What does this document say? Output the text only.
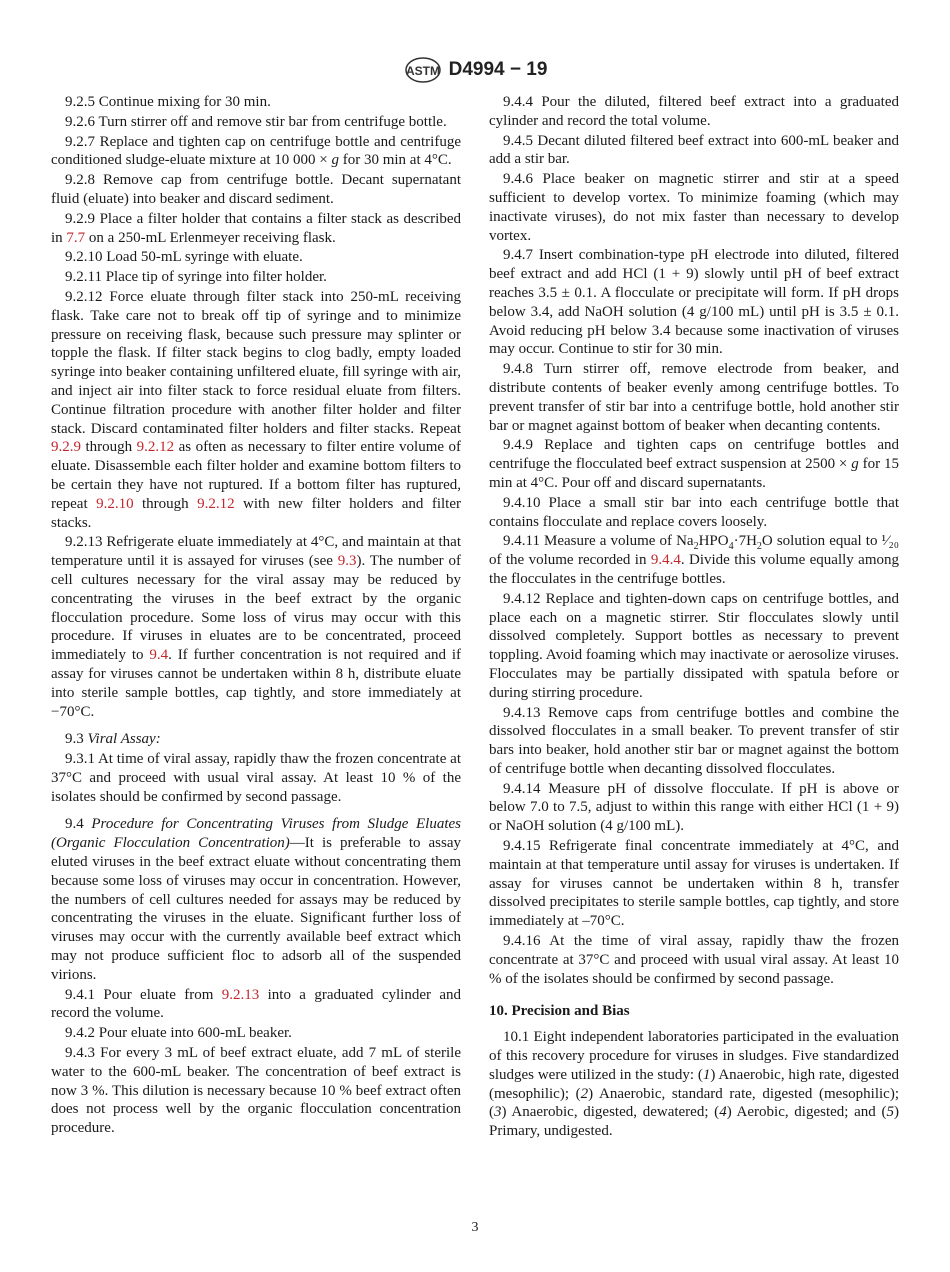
ASTM D4994 − 19

9.2.5 Continue mixing for 30 min.

9.2.6 Turn stirrer off and remove stir bar from centrifuge bottle.

9.2.7 Replace and tighten cap on centrifuge bottle and centrifuge conditioned sludge-eluate mixture at 10 000 × g for 30 min at 4°C.

9.2.8 Remove cap from centrifuge bottle. Decant supernatant fluid (eluate) into beaker and discard sediment.

9.2.9 Place a filter holder that contains a filter stack as described in 7.7 on a 250-mL Erlenmeyer receiving flask.

9.2.10 Load 50-mL syringe with eluate.

9.2.11 Place tip of syringe into filter holder.

9.2.12 Force eluate through filter stack into 250-mL receiving flask. Take care not to break off tip of syringe and to minimize pressure on receiving flask, because such pressure may splinter or topple the flask. If filter stack begins to clog badly, empty loaded syringe into beaker containing unfiltered eluate, fill syringe with air, and inject air into filter stack to force residual eluate from filters. Continue filtration procedure with another filter holder and filter stack. Discard contaminated filter holders and filter stacks. Repeat 9.2.9 through 9.2.12 as often as necessary to filter entire volume of eluate. Disassemble each filter holder and examine bottom filters to be certain they have not ruptured. If a bottom filter has ruptured, repeat 9.2.10 through 9.2.12 with new filter holders and filter stacks.

9.2.13 Refrigerate eluate immediately at 4°C, and maintain at that temperature until it is assayed for viruses (see 9.3). The number of cell cultures necessary for the viral assay may be reduced by concentrating the viruses in the beef extract by the organic flocculation procedure. Some loss of virus may occur with this procedure. If viruses in eluates are to be concentrated, proceed immediately to 9.4. If further concentration is not required and if assay for viruses cannot be undertaken within 8 h, distribute eluate into sterile sample bottles, cap tightly, and store immediately at −70°C.

9.3 Viral Assay:

9.3.1 At time of viral assay, rapidly thaw the frozen concentrate at 37°C and proceed with usual viral assay. At least 10 % of the isolates should be confirmed by second passage.

9.4 Procedure for Concentrating Viruses from Sludge Eluates (Organic Flocculation Concentration)—It is preferable to assay eluted viruses in the beef extract eluate without concentrating them because some loss of viruses may occur in concentration. However, the numbers of cell cultures needed for assays may be reduced by concentrating the viruses in the eluate. Significant further loss of viruses may occur with the currently available beef extract which may not produce sufficient floc to adsorb all of the suspended virions.

9.4.1 Pour eluate from 9.2.13 into a graduated cylinder and record the volume.

9.4.2 Pour eluate into 600-mL beaker.

9.4.3 For every 3 mL of beef extract eluate, add 7 mL of sterile water to the 600-mL beaker. The concentration of beef extract is now 3 %. This dilution is necessary because 10 % beef extract often does not process well by the organic flocculation concentration procedure.

9.4.4 Pour the diluted, filtered beef extract into a graduated cylinder and record the total volume.

9.4.5 Decant diluted filtered beef extract into 600-mL beaker and add a stir bar.

9.4.6 Place beaker on magnetic stirrer and stir at a speed sufficient to develop vortex. To minimize foaming (which may inactivate viruses), do not mix faster than necessary to develop vortex.

9.4.7 Insert combination-type pH electrode into diluted, filtered beef extract and add HCl (1 + 9) slowly until pH of beef extract reaches 3.5 ± 0.1. A flocculate or precipitate will form. If pH drops below 3.4, add NaOH solution (4 g/100 mL) until pH is 3.5 ± 0.1. Avoid reducing pH below 3.4 because some inactivation of viruses may occur. Continue to stir for 30 min.

9.4.8 Turn stirrer off, remove electrode from beaker, and distribute contents of beaker evenly among centrifuge bottles. To prevent transfer of stir bar into a centrifuge bottle, hold another stir bar or magnet against bottom of beaker when decanting contents.

9.4.9 Replace and tighten caps on centrifuge bottles and centrifuge the flocculated beef extract suspension at 2500 × g for 15 min at 4°C. Pour off and discard supernatants.

9.4.10 Place a small stir bar into each centrifuge bottle that contains flocculate and replace covers loosely.

9.4.11 Measure a volume of $Na_2HPO_4\cdot 7H_2O$ solution equal to ¹⁄₂₀ of the volume recorded in 9.4.4. Divide this volume equally among the flocculates in the centrifuge bottles.

9.4.12 Replace and tighten-down caps on centrifuge bottles, and place each on a magnetic stirrer. Stir flocculates slowly until dissolved completely. Support bottles as necessary to prevent toppling. Avoid foaming which may inactivate or aerosolize viruses. Flocculates may be partially dissipated with spatula before or during stirring procedure.

9.4.13 Remove caps from centrifuge bottles and combine the dissolved flocculates in a small beaker. To prevent transfer of stir bars into beaker, hold another stir bar or magnet against the bottom of centrifuge bottle when decanting dissolved flocculates.

9.4.14 Measure pH of dissolve flocculate. If pH is above or below 7.0 to 7.5, adjust to within this range with either HCl (1 + 9) or NaOH solution (4 g/100 mL).

9.4.15 Refrigerate final concentrate immediately at 4°C, and maintain at that temperature until assay for viruses is undertaken. If assay for viruses cannot be undertaken within 8 h, transfer dissolved precipitates to sterile sample bottles, cap tightly, and store immediately at –70°C.

9.4.16 At the time of viral assay, rapidly thaw the frozen concentrate at 37°C and proceed with usual viral assay. At least 10 % of the isolates should be confirmed by second passage.

10. Precision and Bias

10.1 Eight independent laboratories participated in the evaluation of this recovery procedure for viruses in sludges. Five standardized sludges were utilized in the study: (1) Anaerobic, high rate, digested (mesophilic); (2) Anaerobic, standard rate, digested (mesophilic); (3) Anaerobic, digested, dewatered; (4) Aerobic, digested; and (5) Primary, undigested.

3
